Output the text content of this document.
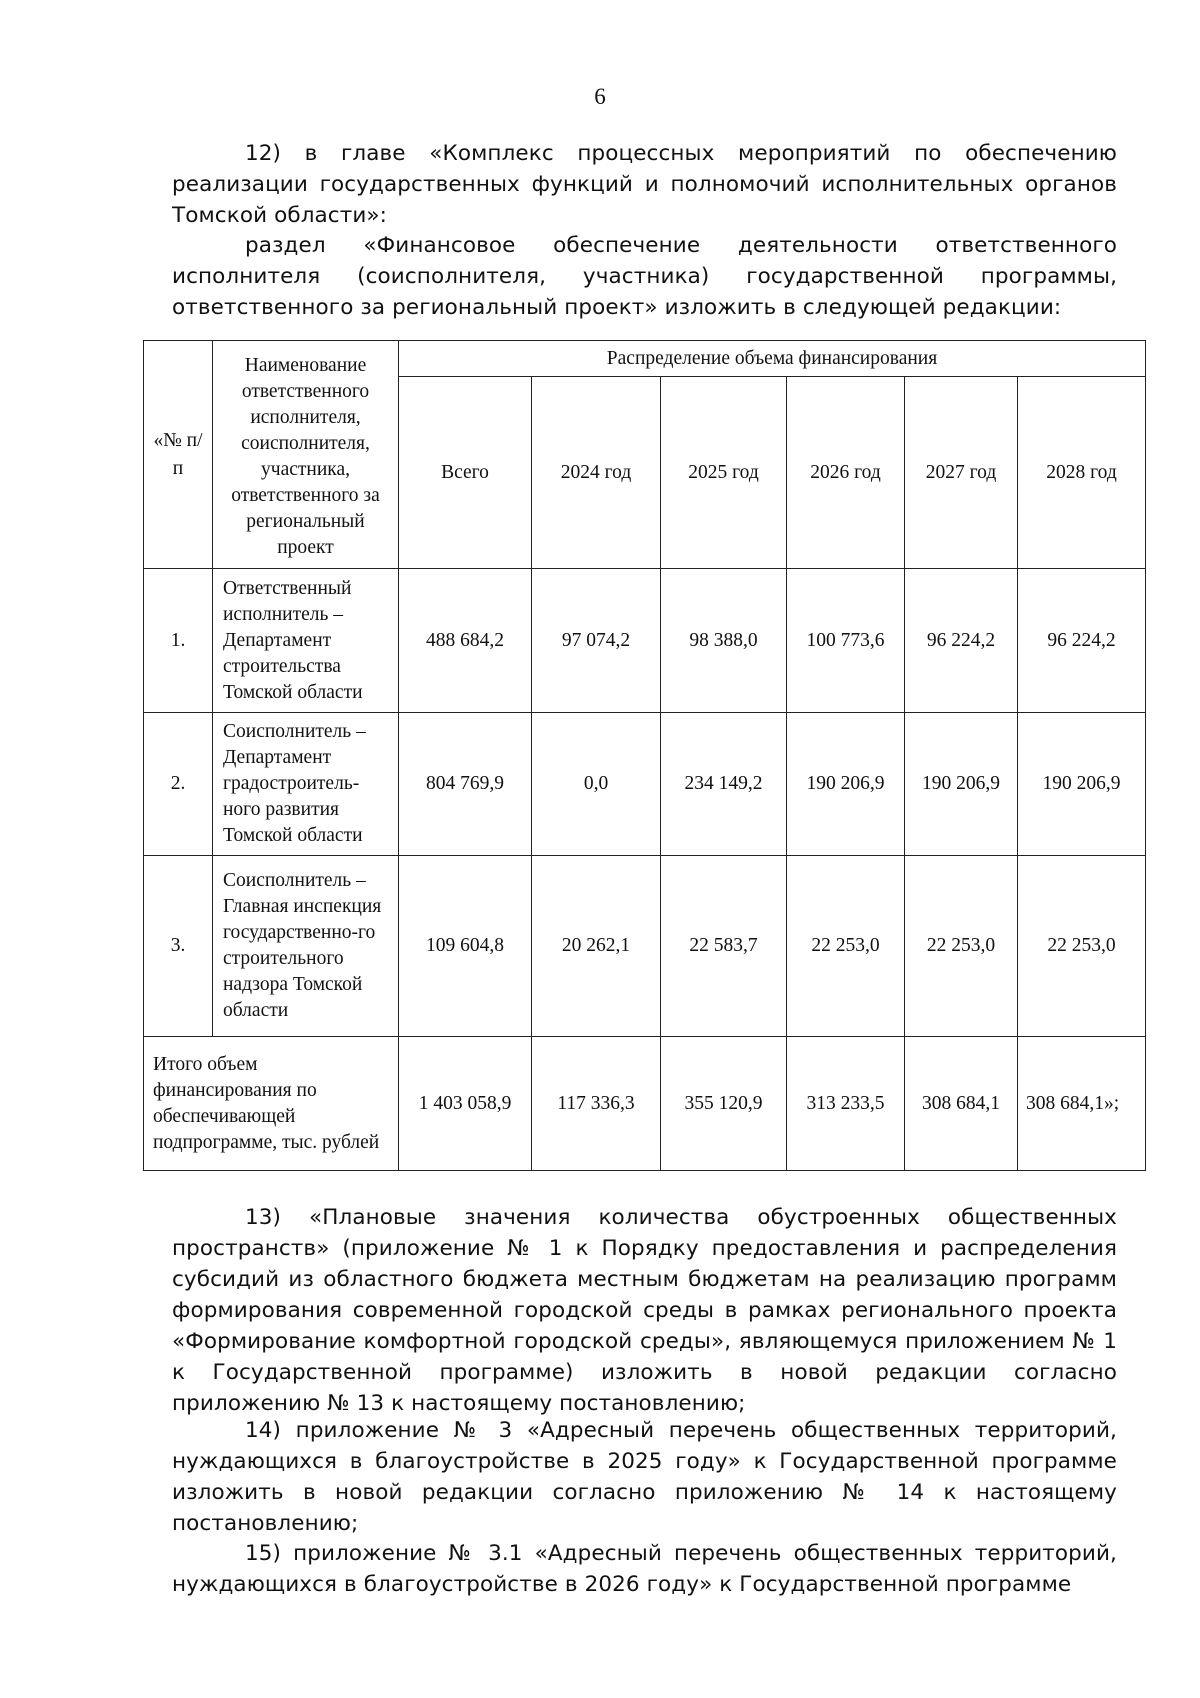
6

12) в главе «Комплекс процессных мероприятий по обеспечению реализации государственных функций и полномочий исполнительных органов Томской области»:

раздел «Финансовое обеспечение деятельности ответственного исполнителя (соисполнителя, участника) государственной программы, ответственного за региональный проект» изложить в следующей редакции:

«№ п/п	Наименование ответственного исполнителя, соисполнителя, участника, ответственного за региональный проект	Распределение объема финансирования					
		Всего	2024 год	2025 год	2026 год	2027 год	2028 год
1.	Ответственный исполнитель – Департамент строительства Томской области	488 684,2	97 074,2	98 388,0	100 773,6	96 224,2	96 224,2
2.	Соисполнитель – Департамент градостроитель-ного развития Томской области	804 769,9	0,0	234 149,2	190 206,9	190 206,9	190 206,9
3.	Соисполнитель – Главная инспекция государственно-го строительного надзора Томской области	109 604,8	20 262,1	22 583,7	22 253,0	22 253,0	22 253,0
Итого объем финансирования по обеспечивающей подпрограмме, тыс. рублей		1 403 058,9	117 336,3	355 120,9	313 233,5	308 684,1	308 684,1»;

13) «Плановые значения количества обустроенных общественных пространств» (приложение № 1 к Порядку предоставления и распределения субсидий из областного бюджета местным бюджетам на реализацию программ формирования современной городской среды в рамках регионального проекта «Формирование комфортной городской среды», являющемуся приложением № 1 к Государственной программе) изложить в новой редакции согласно приложению № 13 к настоящему постановлению;

14) приложение № 3 «Адресный перечень общественных территорий, нуждающихся в благоустройстве в 2025 году» к Государственной программе изложить в новой редакции согласно приложению № 14 к настоящему постановлению;

15) приложение № 3.1 «Адресный перечень общественных территорий, нуждающихся в благоустройстве в 2026 году» к Государственной программе
